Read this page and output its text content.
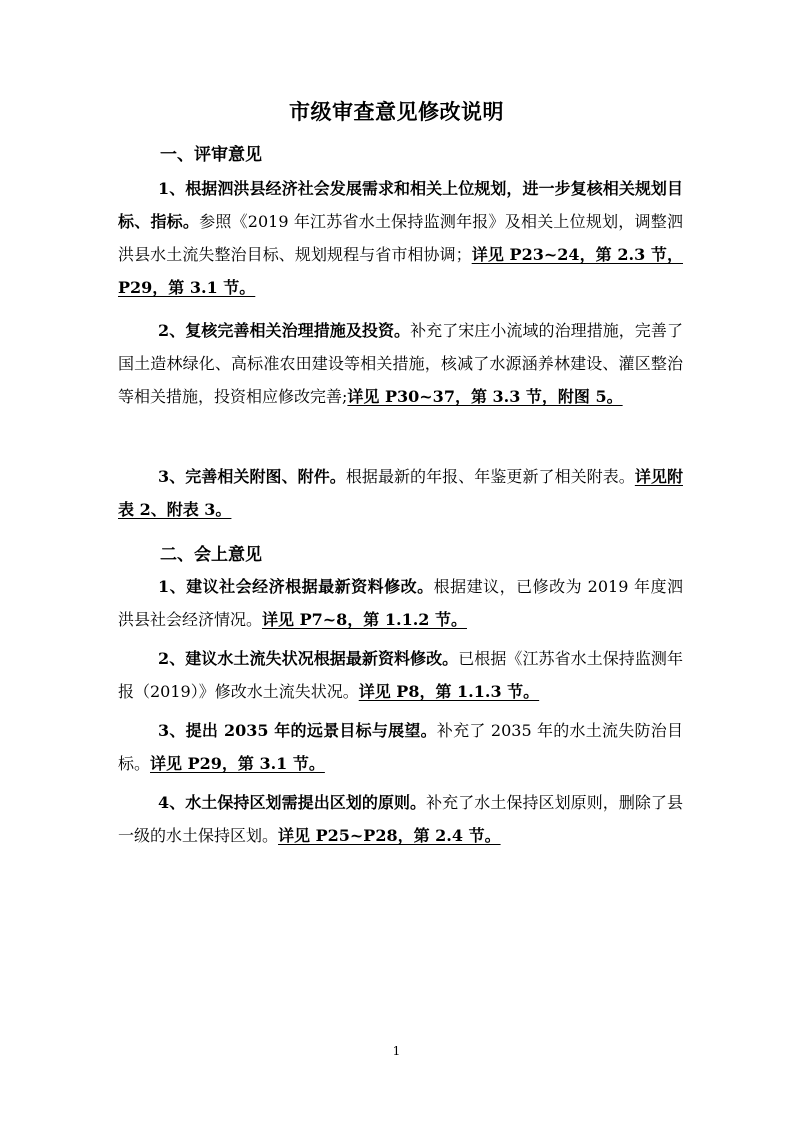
市级审查意见修改说明
一、评审意见
1、根据泗洪县经济社会发展需求和相关上位规划，进一步复核相关规划目标、指标。参照《2019 年江苏省水土保持监测年报》及相关上位规划，调整泗洪县水土流失整治目标、规划规程与省市相协调；详见 P23~24，第 2.3 节，P29，第 3.1 节。
2、复核完善相关治理措施及投资。补充了宋庄小流域的治理措施，完善了国土造林绿化、高标准农田建设等相关措施，核减了水源涵养林建设、灌区整治等相关措施，投资相应修改完善;详见 P30~37，第 3.3 节，附图 5。
3、完善相关附图、附件。根据最新的年报、年鉴更新了相关附表。详见附表 2、附表 3。
二、会上意见
1、建议社会经济根据最新资料修改。根据建议，已修改为 2019 年度泗洪县社会经济情况。详见 P7~8，第 1.1.2 节。
2、建议水土流失状况根据最新资料修改。已根据《江苏省水土保持监测年报（2019）》修改水土流失状况。详见 P8，第 1.1.3 节。
3、提出 2035 年的远景目标与展望。补充了 2035 年的水土流失防治目标。详见 P29，第 3.1 节。
4、水土保持区划需提出区划的原则。补充了水土保持区划原则，删除了县一级的水土保持区划。详见 P25~P28，第 2.4 节。
1
